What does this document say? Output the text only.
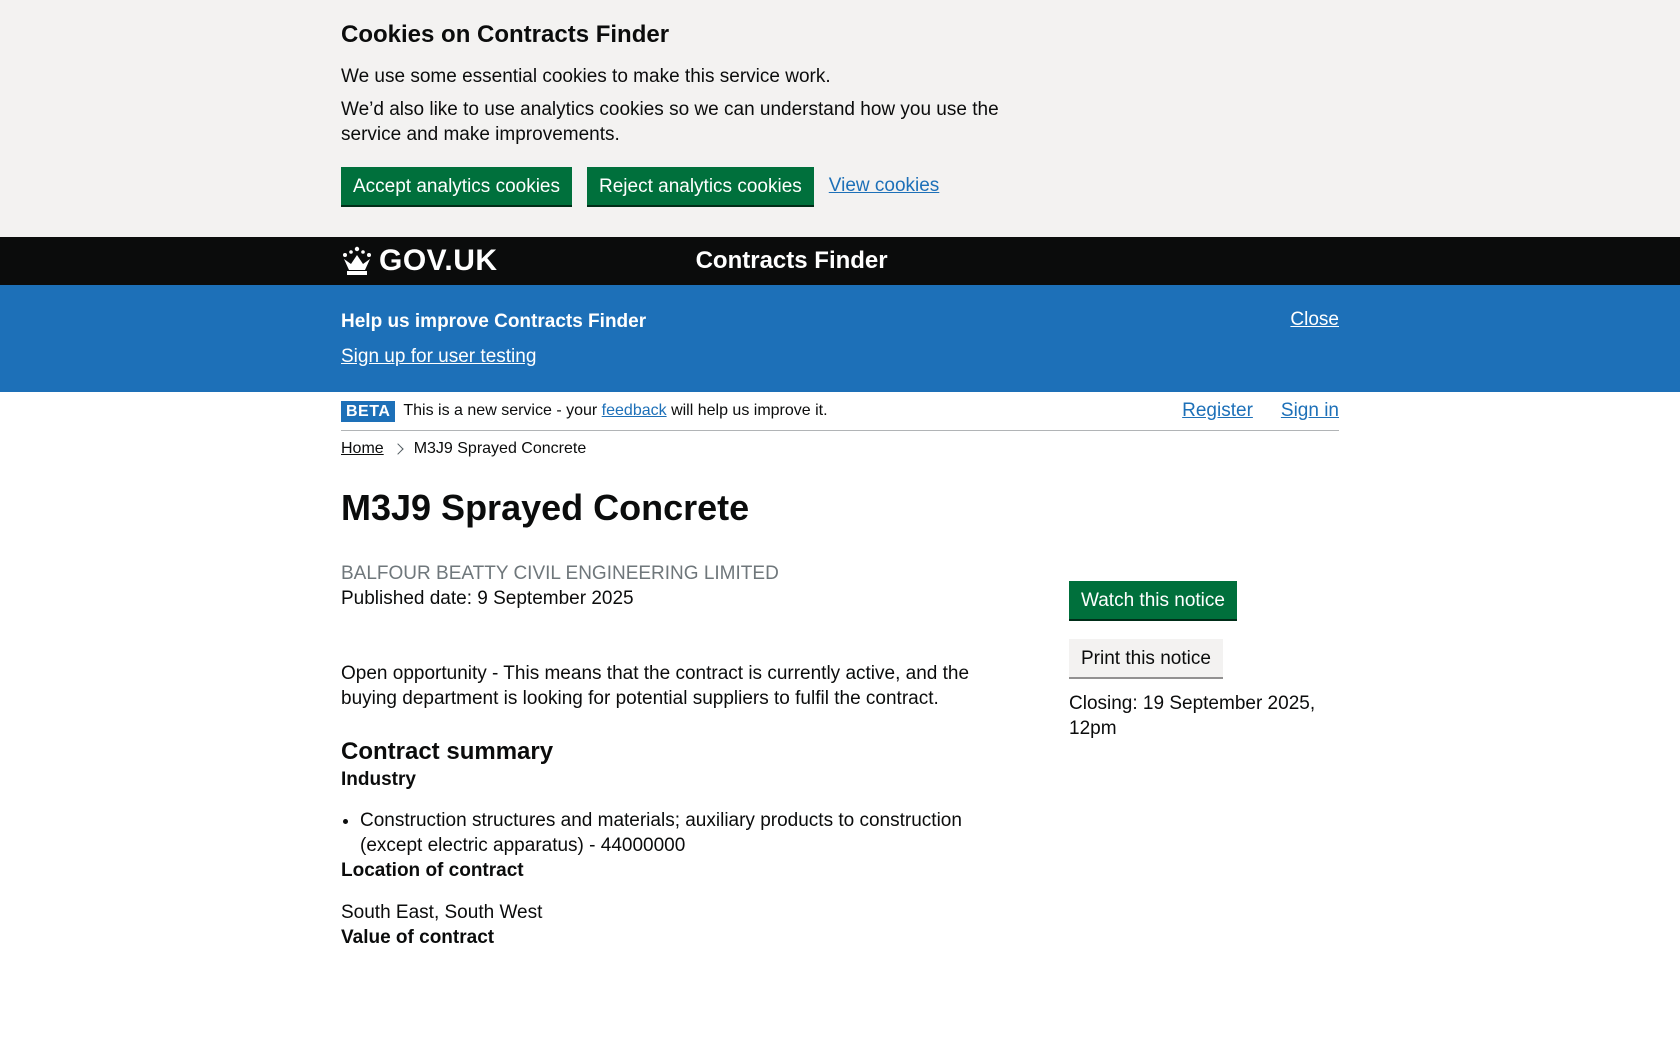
Cookies on Contracts Finder

We use some essential cookies to make this service work.

We’d also like to use analytics cookies so we can understand how you use the service and make improvements.

Accept analytics cookies	Reject analytics cookies	View cookies
GOV.UK	Contracts Finder
Help us improve Contracts Finder
Sign up for user testing
Close
BETA This is a new service - your feedback will help us improve it.	Register Sign in
Home M3J9 Sprayed Concrete
M3J9 Sprayed Concrete
BALFOUR BEATTY CIVIL ENGINEERING LIMITED
Published date: 9 September 2025

Open opportunity - This means that the contract is currently active, and the buying department is looking for potential suppliers to fulfil the contract.

Contract summary
Industry
• Construction structures and materials; auxiliary products to construction (except electric apparatus) - 44000000
Location of contract
South East, South West
Value of contract
Watch this notice
Print this notice
Closing: 19 September 2025, 12pm
